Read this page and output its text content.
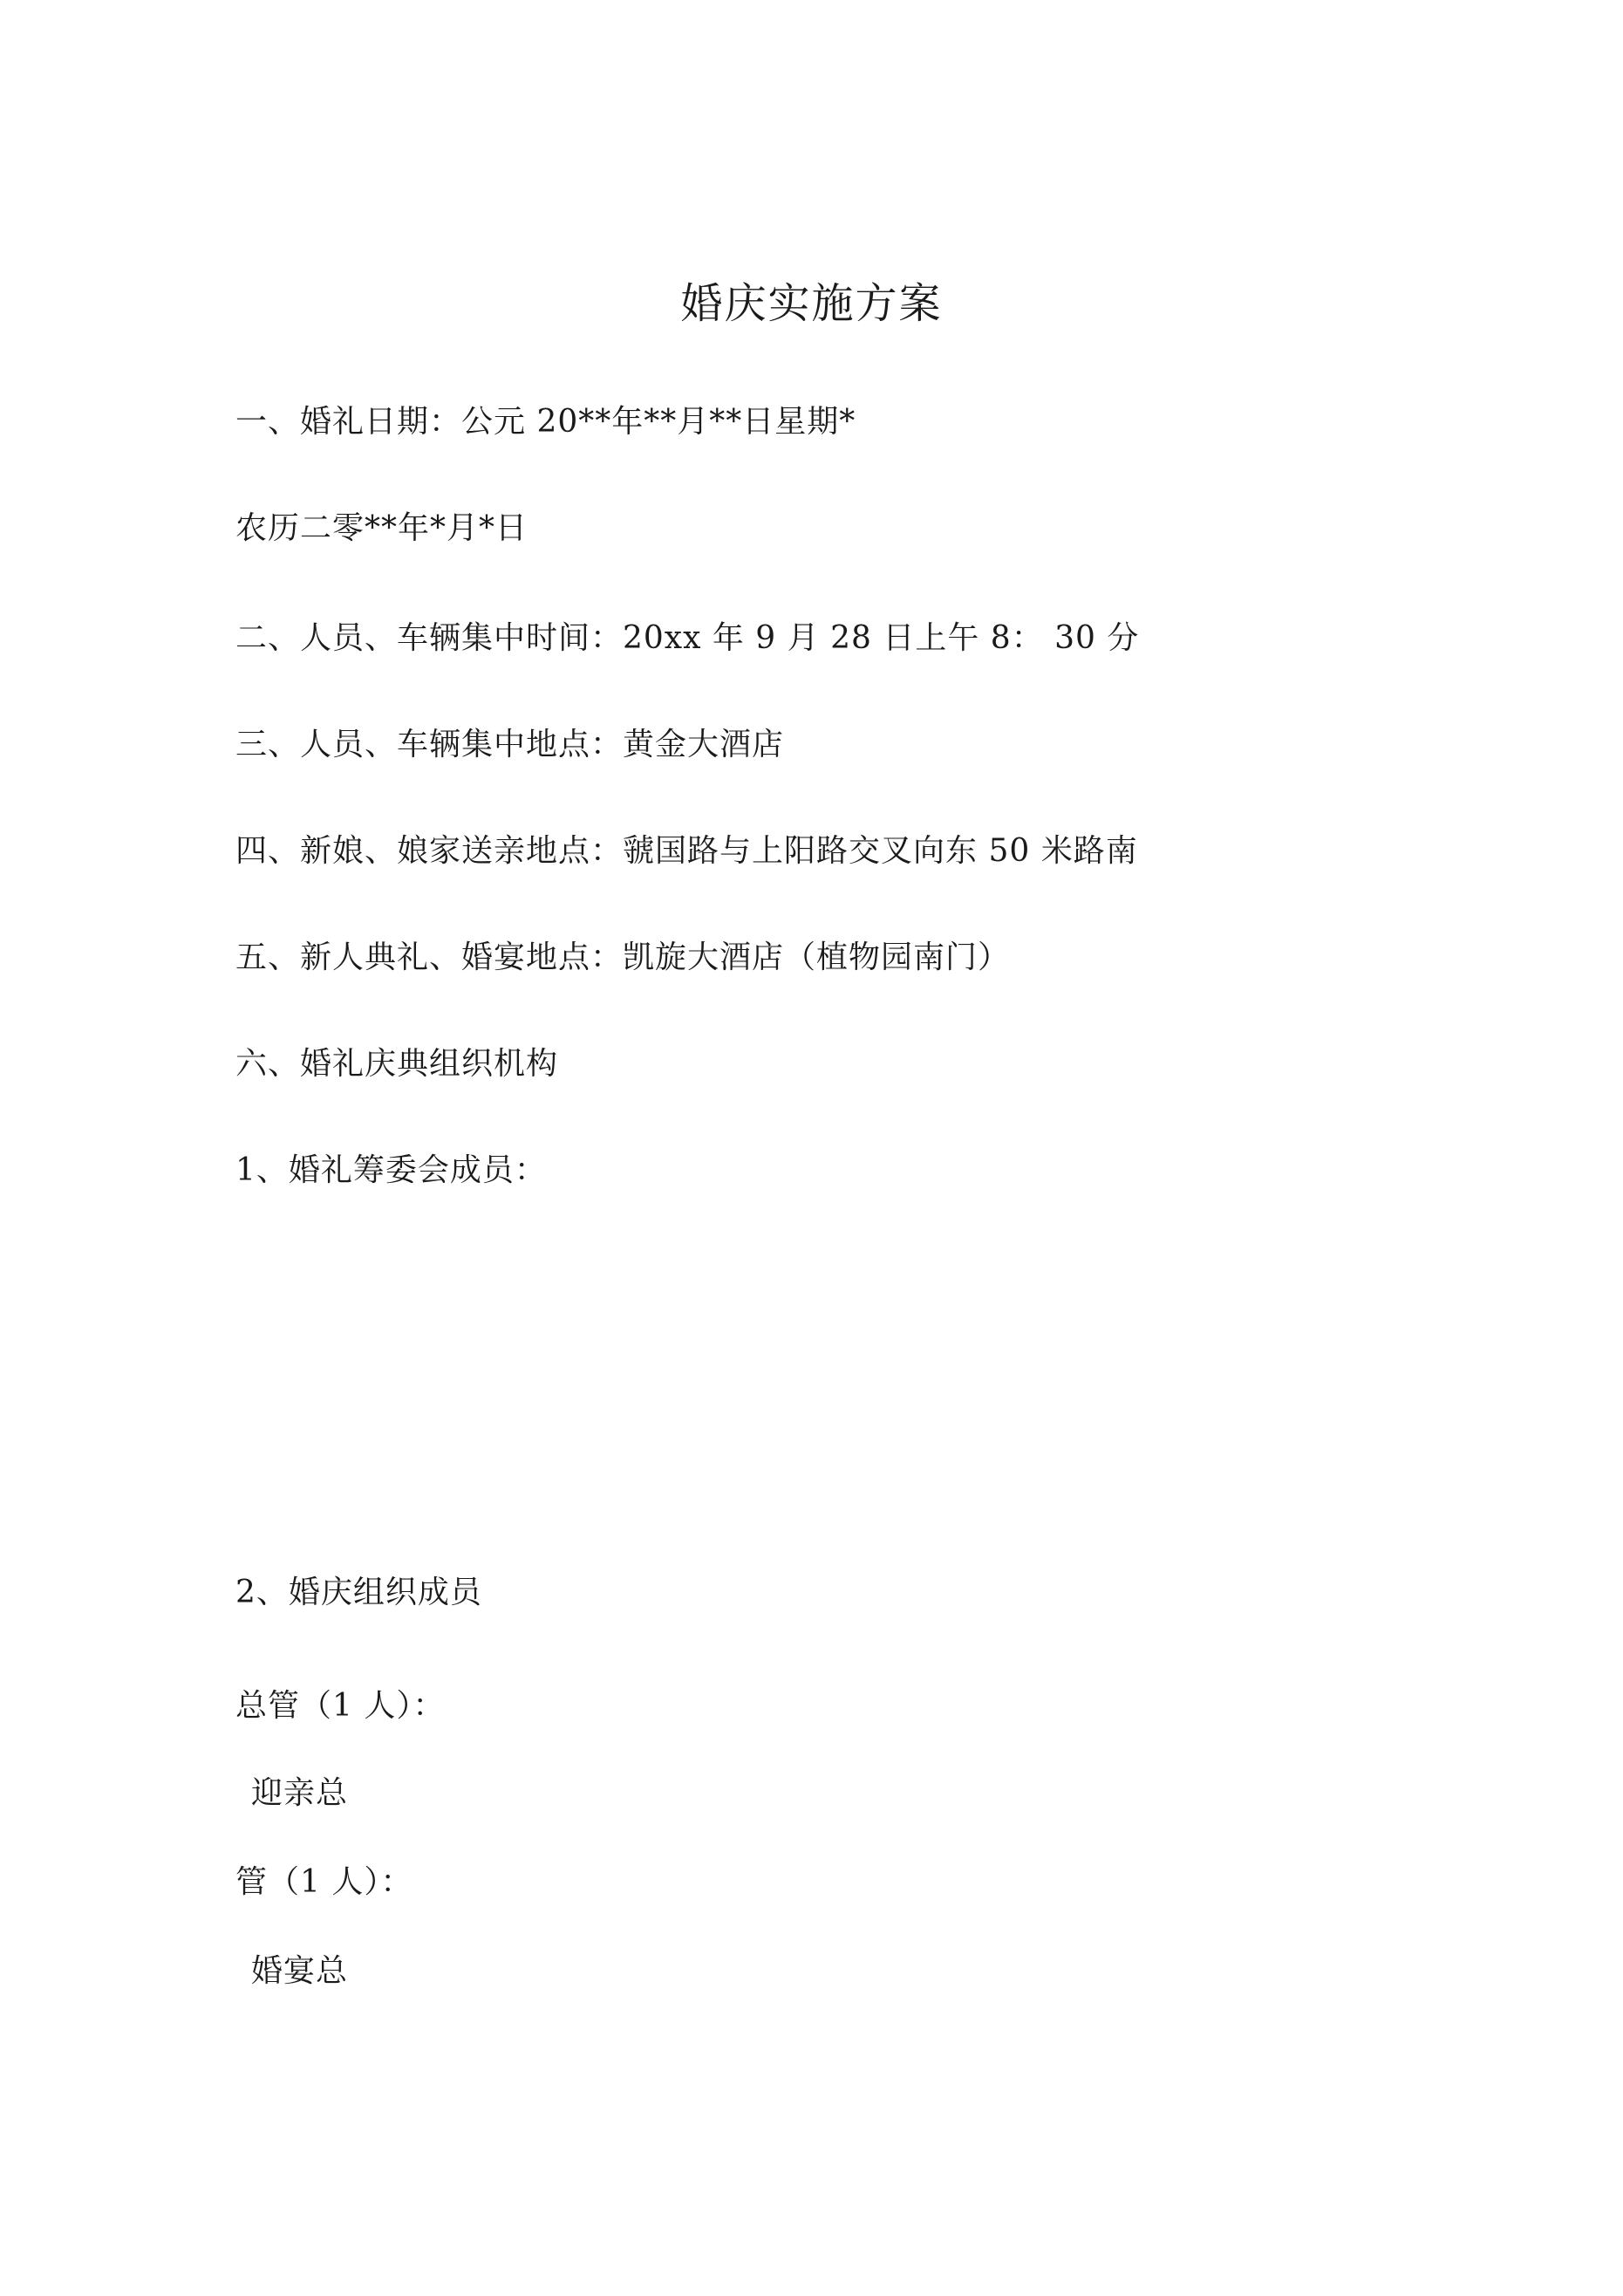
婚庆实施方案
一、婚礼日期：公元 20**年**月**日星期*
农历二零**年*月*日
二、人员、车辆集中时间：20xx 年 9 月 28 日上午 8： 30 分
三、人员、车辆集中地点：黄金大酒店
四、新娘、娘家送亲地点：虢国路与上阳路交叉向东 50 米路南
五、新人典礼、婚宴地点：凯旋大酒店（植物园南门）
六、婚礼庆典组织机构
1、婚礼筹委会成员：
2、婚庆组织成员
总管（1 人）：
迎亲总
管（1 人）：
婚宴总
